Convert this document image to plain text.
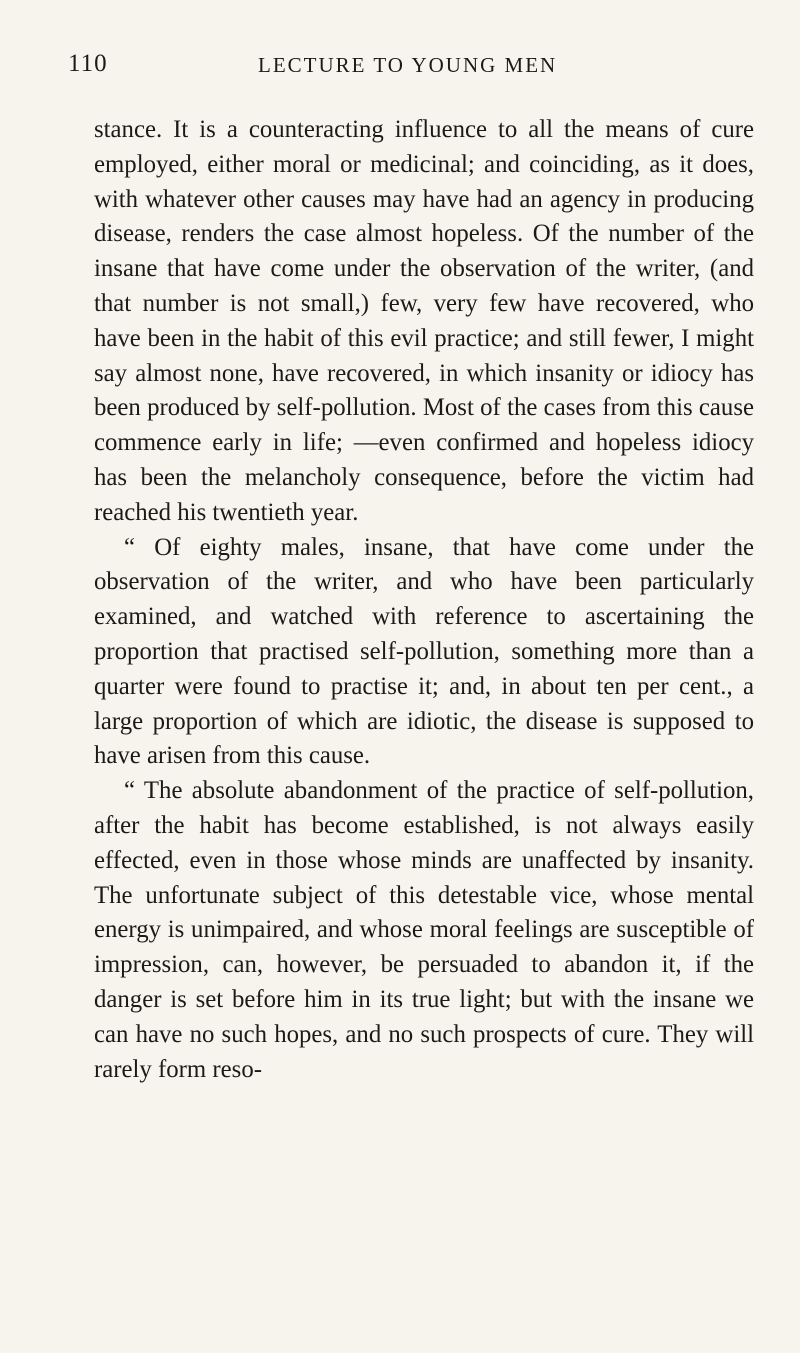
110	LECTURE TO YOUNG MEN

stance. It is a counteracting influence to all the means of cure employed, either moral or medicinal; and coinciding, as it does, with whatever other causes may have had an agency in producing disease, renders the case almost hopeless. Of the number of the insane that have come under the observation of the writer, (and that number is not small,) few, very few have recovered, who have been in the habit of this evil practice; and still fewer, I might say almost none, have recovered, in which insanity or idiocy has been produced by self-pollution. Most of the cases from this cause commence early in life; —even confirmed and hopeless idiocy has been the melancholy consequence, before the victim had reached his twentieth year.

“ Of eighty males, insane, that have come under the observation of the writer, and who have been particularly examined, and watched with reference to ascertaining the proportion that practised self-pollution, something more than a quarter were found to practise it; and, in about ten per cent., a large proportion of which are idiotic, the disease is supposed to have arisen from this cause.

“ The absolute abandonment of the practice of self-pollution, after the habit has become established, is not always easily effected, even in those whose minds are unaffected by insanity. The unfortunate subject of this detestable vice, whose mental energy is unimpaired, and whose moral feelings are susceptible of impression, can, however, be persuaded to abandon it, if the danger is set before him in its true light; but with the insane we can have no such hopes, and no such prospects of cure. They will rarely form reso-
